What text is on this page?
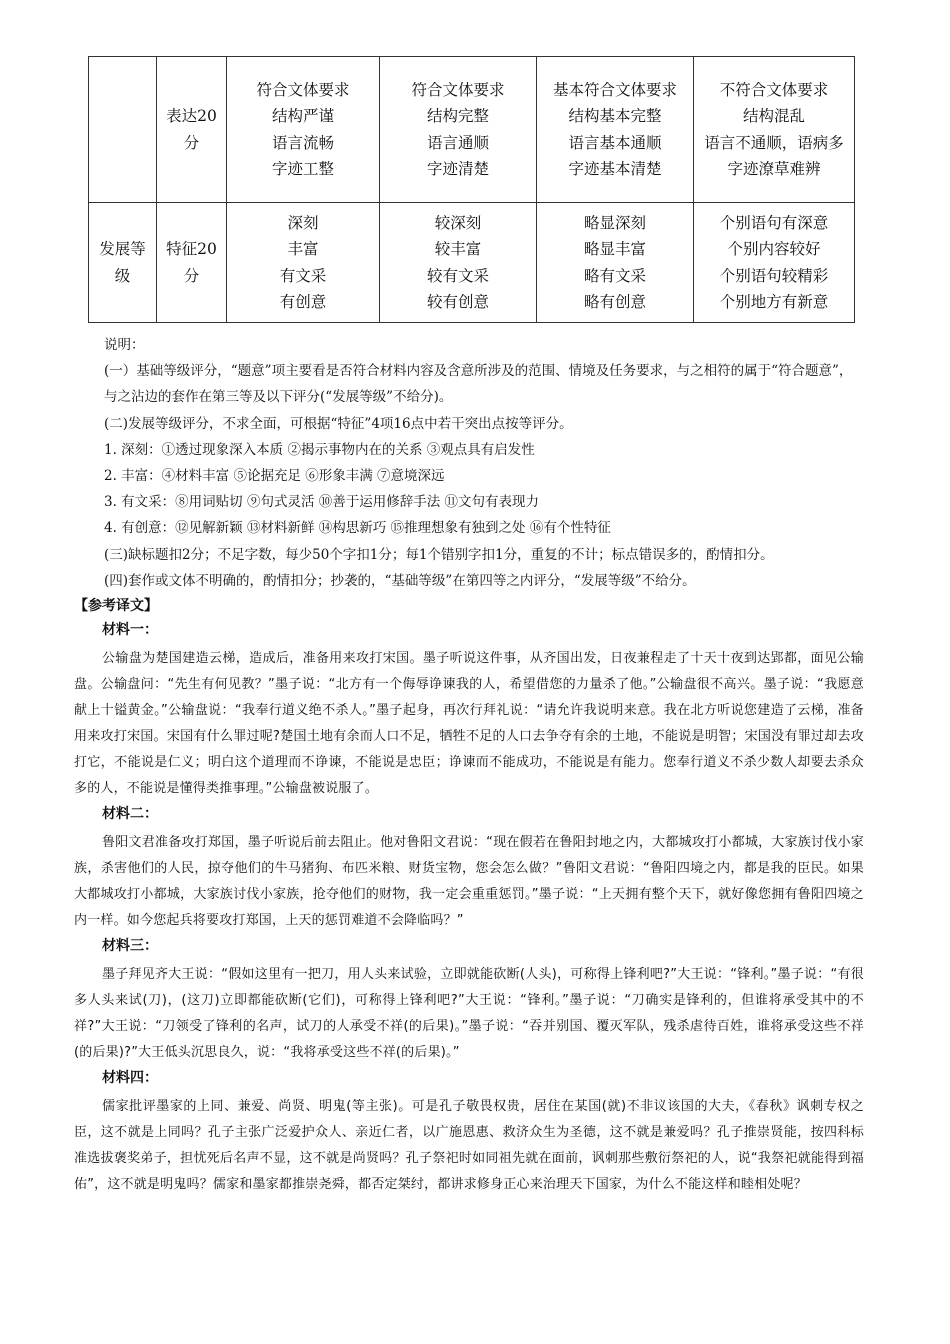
	表达20分	符合文体要求
结构严谨
语言流畅
字迹工整	符合文体要求
结构完整
语言通顺
字迹清楚	基本符合文体要求
结构基本完整
语言基本通顺
字迹基本清楚	不符合文体要求
结构混乱
语言不通顺，语病多
字迹潦草难辨

发展等级	特征20分	深刻
丰富
有文采
有创意	较深刻
较丰富
较有文采
较有创意	略显深刻
略显丰富
略有文采
略有创意	个别语句有深意
个别内容较好
个别语句较精彩
个别地方有新意

说明：

(一）基础等级评分，“题意”项主要看是否符合材料内容及含意所涉及的范围、情境及任务要求，与之相符的属于“符合题意”，与之沾边的套作在第三等及以下评分(“发展等级”不给分)。

(二)发展等级评分，不求全面，可根据“特征”4项16点中若干突出点按等评分。

1. 深刻：①透过现象深入本质 ②揭示事物内在的关系 ③观点具有启发性

2. 丰富：④材料丰富 ⑤论据充足 ⑥形象丰满 ⑦意境深远

3. 有文采：⑧用词贴切 ⑨句式灵活 ⑩善于运用修辞手法 ⑪文句有表现力

4. 有创意：⑫见解新颖 ⑬材料新鲜 ⑭构思新巧 ⑮推理想象有独到之处 ⑯有个性特征

(三)缺标题扣2分；不足字数，每少50个字扣1分；每1个错别字扣1分，重复的不计；标点错误多的，酌情扣分。

(四)套作或文体不明确的，酌情扣分；抄袭的，“基础等级”在第四等之内评分，“发展等级”不给分。

【参考译文】

材料一：

公输盘为楚国建造云梯，造成后，准备用来攻打宋国。墨子听说这件事，从齐国出发，日夜兼程走了十天十夜到达郢都，面见公输盘。公输盘问：“先生有何见教？”墨子说：“北方有一个侮辱诤谏我的人，希望借您的力量杀了他。”公输盘很不高兴。墨子说：“我愿意献上十镒黄金。”公输盘说：“我奉行道义绝不杀人。”墨子起身，再次行拜礼说：“请允许我说明来意。我在北方听说您建造了云梯，准备用来攻打宋国。宋国有什么罪过呢?楚国土地有余而人口不足，牺牲不足的人口去争夺有余的土地，不能说是明智；宋国没有罪过却去攻打它，不能说是仁义；明白这个道理而不诤谏，不能说是忠臣；诤谏而不能成功，不能说是有能力。您奉行道义不杀少数人却要去杀众多的人，不能说是懂得类推事理。”公输盘被说服了。

材料二：

鲁阳文君准备攻打郑国，墨子听说后前去阻止。他对鲁阳文君说：“现在假若在鲁阳封地之内，大都城攻打小都城，大家族讨伐小家族，杀害他们的人民，掠夺他们的牛马猪狗、布匹米粮、财货宝物，您会怎么做？”鲁阳文君说：“鲁阳四境之内，都是我的臣民。如果大都城攻打小都城，大家族讨伐小家族，抢夺他们的财物，我一定会重重惩罚。”墨子说：“上天拥有整个天下，就好像您拥有鲁阳四境之内一样。如今您起兵将要攻打郑国，上天的惩罚难道不会降临吗？”

材料三：

墨子拜见齐大王说：“假如这里有一把刀，用人头来试验，立即就能砍断(人头)，可称得上锋利吧?”大王说：“锋利。”墨子说：“有很多人头来试(刀)，(这刀)立即都能砍断(它们)，可称得上锋利吧?”大王说：“锋利。”墨子说：“刀确实是锋利的，但谁将承受其中的不祥?”大王说：“刀领受了锋利的名声，试刀的人承受不祥(的后果)。”墨子说：“吞并别国、覆灭军队，残杀虐待百姓，谁将承受这些不祥(的后果)?”大王低头沉思良久，说：“我将承受这些不祥(的后果)。”

材料四：

儒家批评墨家的上同、兼爱、尚贤、明鬼(等主张)。可是孔子敬畏权贵，居住在某国(就)不非议该国的大夫，《春秋》讽刺专权之臣，这不就是上同吗？孔子主张广泛爱护众人、亲近仁者，以广施恩惠、救济众生为圣德，这不就是兼爱吗？孔子推崇贤能，按四科标准选拔褒奖弟子，担忧死后名声不显，这不就是尚贤吗？孔子祭祀时如同祖先就在面前，讽刺那些敷衍祭祀的人，说“我祭祀就能得到福佑”，这不就是明鬼吗？儒家和墨家都推崇尧舜，都否定桀纣，都讲求修身正心来治理天下国家，为什么不能这样和睦相处呢？
